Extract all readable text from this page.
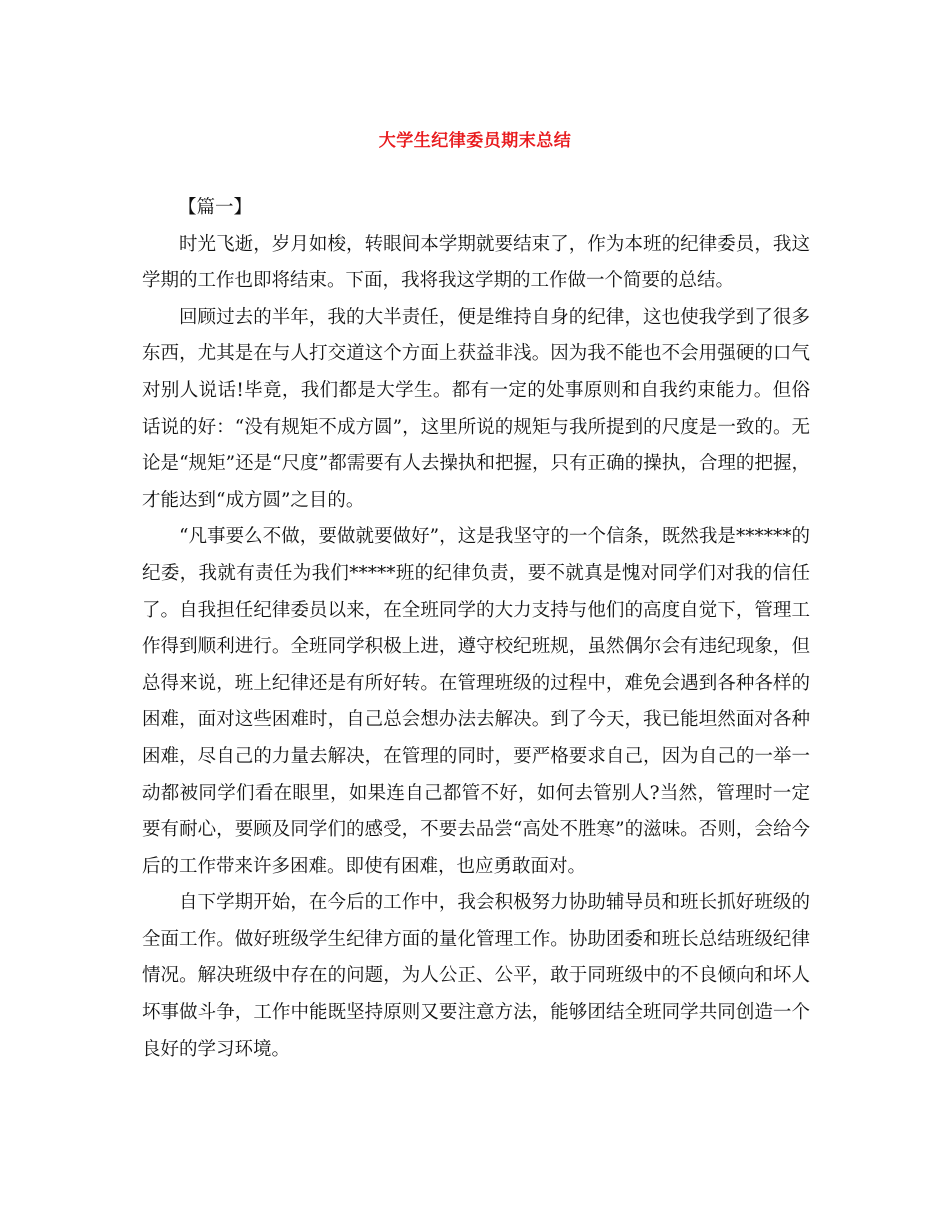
大学生纪律委员期末总结

【篇一】

时光飞逝，岁月如梭，转眼间本学期就要结束了，作为本班的纪律委员，我这学期的工作也即将结束。下面，我将我这学期的工作做一个简要的总结。

回顾过去的半年，我的大半责任，便是维持自身的纪律，这也使我学到了很多东西，尤其是在与人打交道这个方面上获益非浅。因为我不能也不会用强硬的口气对别人说话!毕竟，我们都是大学生。都有一定的处事原则和自我约束能力。但俗话说的好：“没有规矩不成方圆”，这里所说的规矩与我所提到的尺度是一致的。无论是“规矩”还是“尺度”都需要有人去操执和把握，只有正确的操执，合理的把握，才能达到“成方圆”之目的。

“凡事要么不做，要做就要做好”，这是我坚守的一个信条，既然我是******的纪委，我就有责任为我们*****班的纪律负责，要不就真是愧对同学们对我的信任了。自我担任纪律委员以来，在全班同学的大力支持与他们的高度自觉下，管理工作得到顺利进行。全班同学积极上进，遵守校纪班规，虽然偶尔会有违纪现象，但总得来说，班上纪律还是有所好转。在管理班级的过程中，难免会遇到各种各样的困难，面对这些困难时，自己总会想办法去解决。到了今天，我已能坦然面对各种困难，尽自己的力量去解决，在管理的同时，要严格要求自己，因为自己的一举一动都被同学们看在眼里，如果连自己都管不好，如何去管别人?当然，管理时一定要有耐心，要顾及同学们的感受，不要去品尝“高处不胜寒”的滋味。否则，会给今后的工作带来许多困难。即使有困难，也应勇敢面对。

自下学期开始，在今后的工作中，我会积极努力协助辅导员和班长抓好班级的全面工作。做好班级学生纪律方面的量化管理工作。协助团委和班长总结班级纪律情况。解决班级中存在的问题，为人公正、公平，敢于同班级中的不良倾向和坏人坏事做斗争，工作中能既坚持原则又要注意方法，能够团结全班同学共同创造一个良好的学习环境。
